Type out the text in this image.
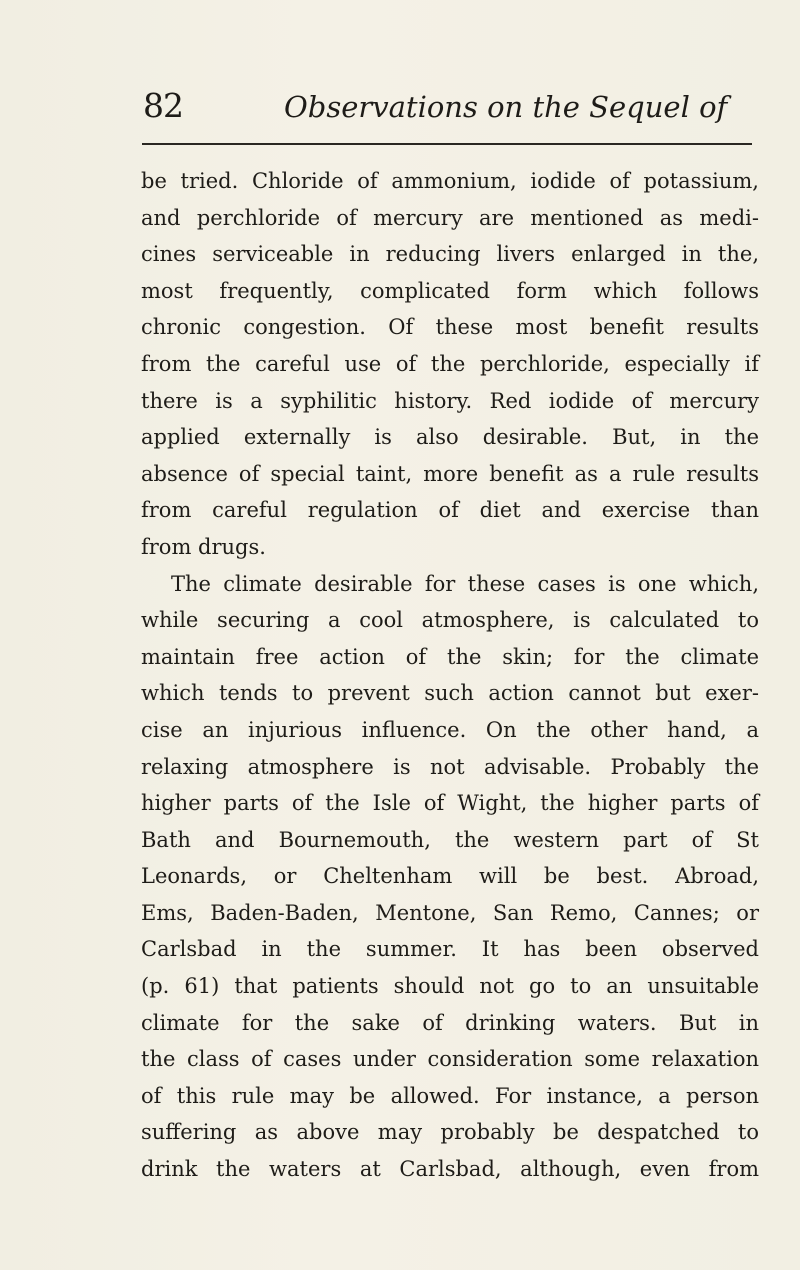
82	Observations on the Sequel of
be tried. Chloride of ammonium, iodide of potassium,
and perchloride of mercury are mentioned as medi-
cines serviceable in reducing livers enlarged in the,
most frequently, complicated form which follows
chronic congestion. Of these most benefit results
from the careful use of the perchloride, especially if
there is a syphilitic history. Red iodide of mercury
applied externally is also desirable. But, in the
absence of special taint, more benefit as a rule results
from careful regulation of diet and exercise than
from drugs.
The climate desirable for these cases is one which,
while securing a cool atmosphere, is calculated to
maintain free action of the skin; for the climate
which tends to prevent such action cannot but exer-
cise an injurious influence. On the other hand, a
relaxing atmosphere is not advisable. Probably the
higher parts of the Isle of Wight, the higher parts of
Bath and Bournemouth, the western part of St
Leonards, or Cheltenham will be best. Abroad,
Ems, Baden-Baden, Mentone, San Remo, Cannes; or
Carlsbad in the summer. It has been observed
(p. 61) that patients should not go to an unsuitable
climate for the sake of drinking waters. But in
the class of cases under consideration some relaxation
of this rule may be allowed. For instance, a person
suffering as above may probably be despatched to
drink the waters at Carlsbad, although, even from
